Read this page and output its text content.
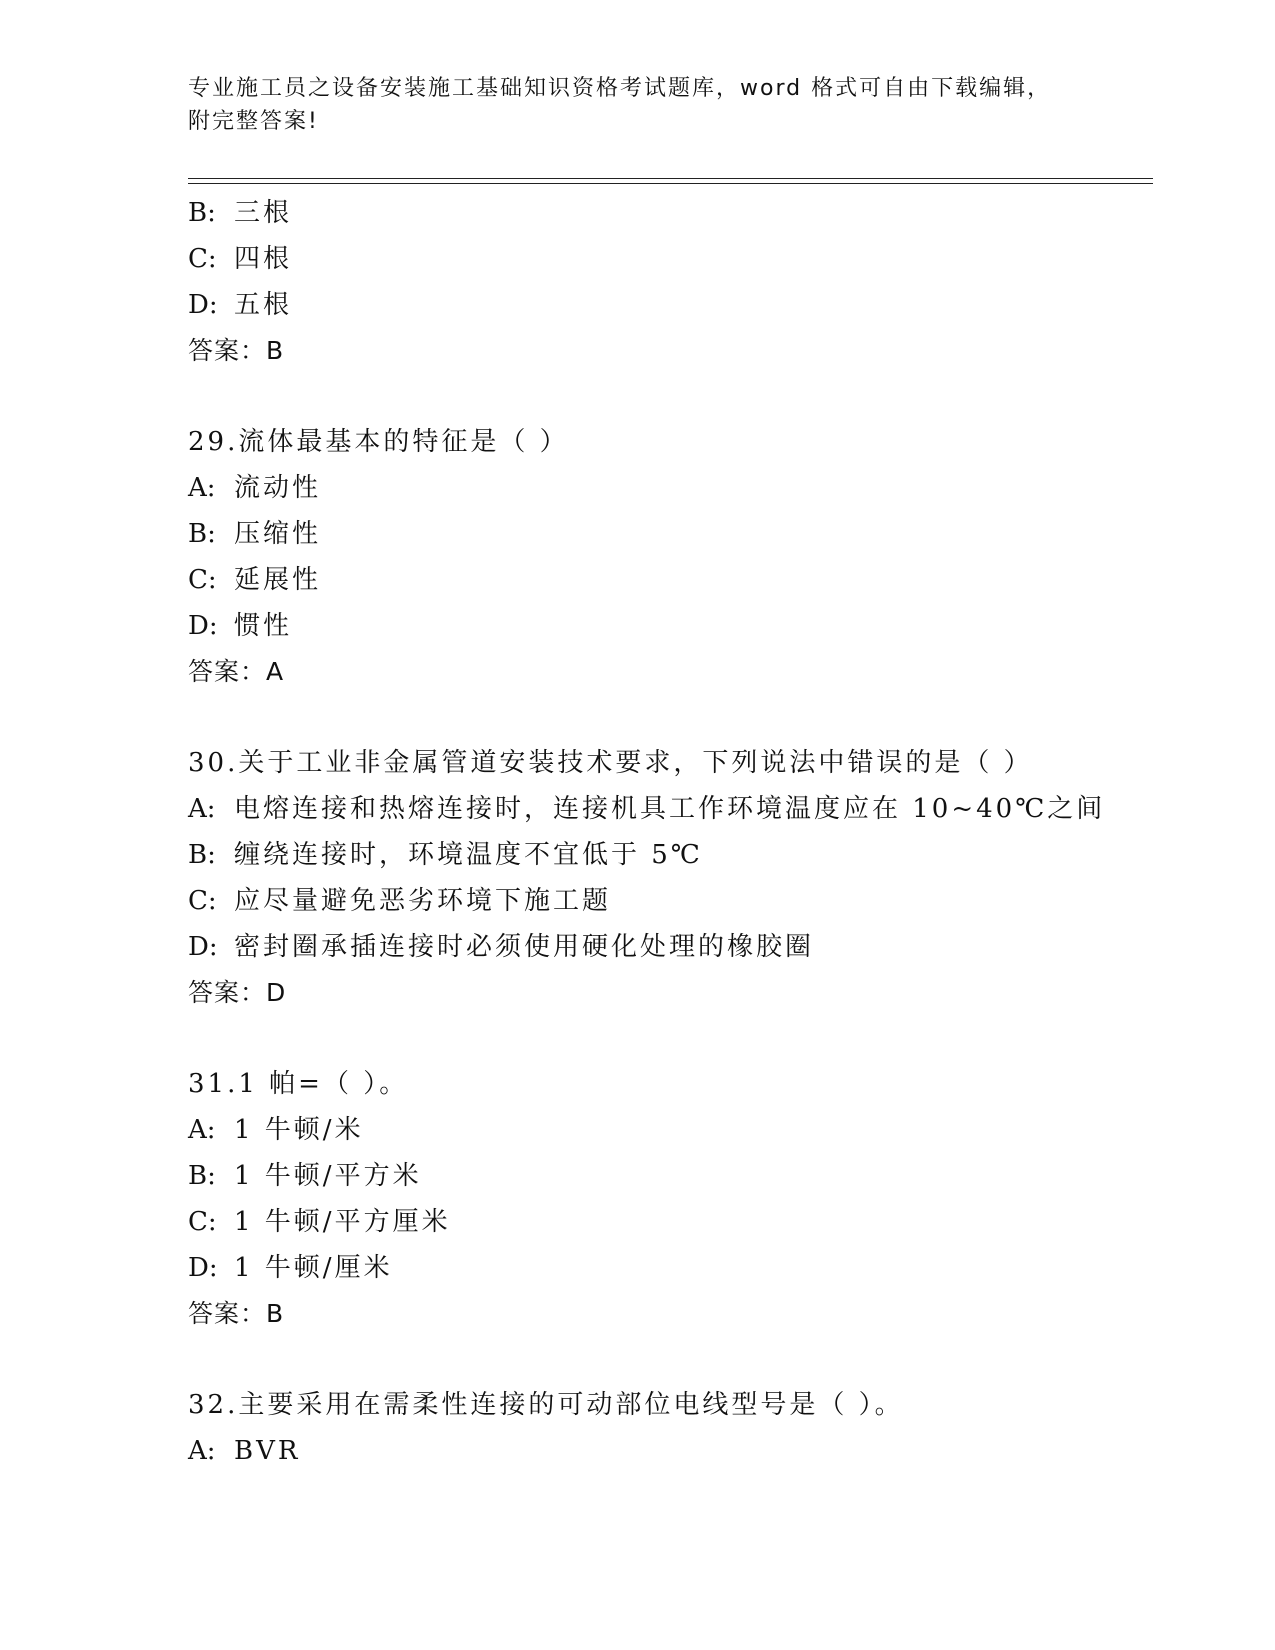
专业施工员之设备安装施工基础知识资格考试题库，word 格式可自由下载编辑，
附完整答案!
B: 三根
C: 四根
D: 五根
答案：B
29.流体最基本的特征是（ ）
A: 流动性
B: 压缩性
C: 延展性
D: 惯性
答案：A
30.关于工业非金属管道安装技术要求，下列说法中错误的是（ ）
A: 电熔连接和热熔连接时，连接机具工作环境温度应在 10~40℃之间
B: 缠绕连接时，环境温度不宜低于 5℃
C: 应尽量避免恶劣环境下施工题
D: 密封圈承插连接时必须使用硬化处理的橡胶圈
答案：D
31.1 帕=（ ）。
A: 1 牛顿/米
B: 1 牛顿/平方米
C: 1 牛顿/平方厘米
D: 1 牛顿/厘米
答案：B
32.主要采用在需柔性连接的可动部位电线型号是（ ）。
A: BVR
